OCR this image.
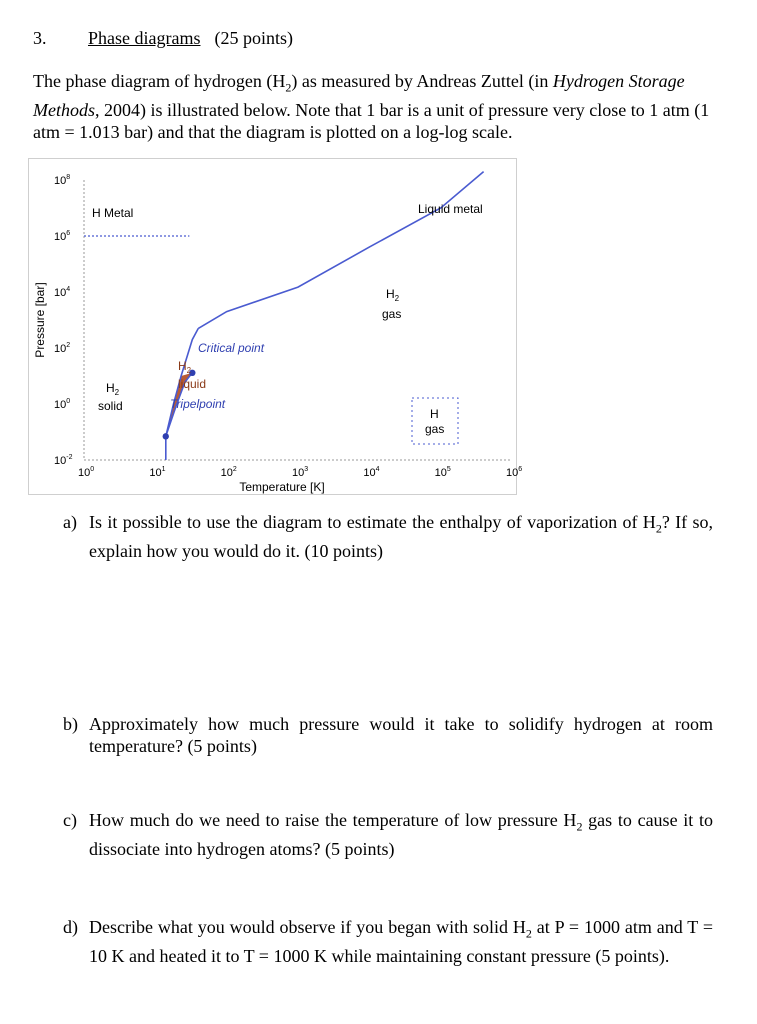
3. Phase diagrams (25 points)
The phase diagram of hydrogen $(H_2)$ as measured by Andreas Zuttel (in Hydrogen Storage Methods, 2004) is illustrated below. Note that 1 bar is a unit of pressure very close to 1 atm (1 atm = 1.013 bar) and that the diagram is plotted on a log-log scale.
$10^0$	$10^1$	$10^2$	$10^3$	$10^4$	$10^5$	$10^6$
$10^8$
$10^6$
$10^4$
$10^2$
$10^0$
$10^{-2}$
Temperature [K]
Pressure [bar]
H Metal	Liquid metal
$H_2$
gas
$H_2$
solid
$H_2$
liquid
Critical point
Tripelpoint
H
gas
a) Is it possible to use the diagram to estimate the enthalpy of vaporization of $H_2$? If so, explain how you would do it. (10 points)
b) Approximately how much pressure would it take to solidify hydrogen at room temperature? (5 points)
c) How much do we need to raise the temperature of low pressure $H_2$ gas to cause it to dissociate into hydrogen atoms? (5 points)
d) Describe what you would observe if you began with solid $H_2$ at P = 1000 atm and T = 10 K and heated it to T = 1000 K while maintaining constant pressure (5 points).
